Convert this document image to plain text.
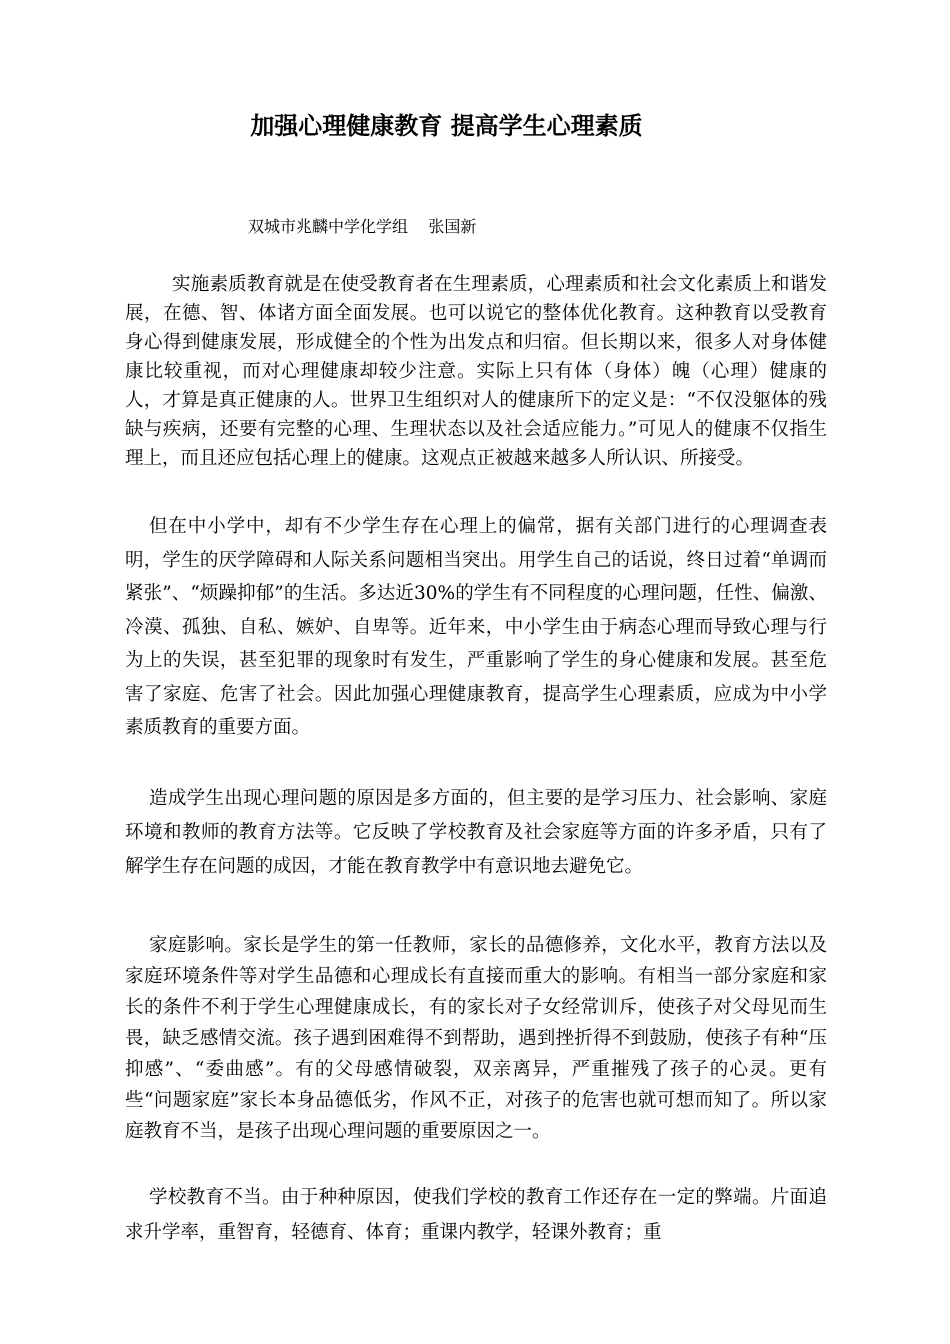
加强心理健康教育 提高学生心理素质
双城市兆麟中学化学组    张国新

实施素质教育就是在使受教育者在生理素质，心理素质和社会文化素质上和谐发展，在德、智、体诸方面全面发展。也可以说它的整体优化教育。这种教育以受教育身心得到健康发展，形成健全的个性为出发点和归宿。但长期以来，很多人对身体健康比较重视，而对心理健康却较少注意。实际上只有体（身体）魄（心理）健康的人，才算是真正健康的人。世界卫生组织对人的健康所下的定义是：“不仅没躯体的残缺与疾病，还要有完整的心理、生理状态以及社会适应能力。”可见人的健康不仅指生理上，而且还应包括心理上的健康。这观点正被越来越多人所认识、所接受。

但在中小学中，却有不少学生存在心理上的偏常，据有关部门进行的心理调查表明，学生的厌学障碍和人际关系问题相当突出。用学生自己的话说，终日过着“单调而紧张”、“烦躁抑郁”的生活。多达近30%的学生有不同程度的心理问题，任性、偏激、冷漠、孤独、自私、嫉妒、自卑等。近年来，中小学生由于病态心理而导致心理与行为上的失误，甚至犯罪的现象时有发生，严重影响了学生的身心健康和发展。甚至危害了家庭、危害了社会。因此加强心理健康教育，提高学生心理素质，应成为中小学素质教育的重要方面。

造成学生出现心理问题的原因是多方面的，但主要的是学习压力、社会影响、家庭环境和教师的教育方法等。它反映了学校教育及社会家庭等方面的许多矛盾，只有了解学生存在问题的成因，才能在教育教学中有意识地去避免它。

家庭影响。家长是学生的第一任教师，家长的品德修养，文化水平，教育方法以及家庭环境条件等对学生品德和心理成长有直接而重大的影响。有相当一部分家庭和家长的条件不利于学生心理健康成长，有的家长对子女经常训斥，使孩子对父母见而生畏，缺乏感情交流。孩子遇到困难得不到帮助，遇到挫折得不到鼓励，使孩子有种“压抑感”、“委曲感”。有的父母感情破裂，双亲离异，严重摧残了孩子的心灵。更有些“问题家庭”家长本身品德低劣，作风不正，对孩子的危害也就可想而知了。所以家庭教育不当，是孩子出现心理问题的重要原因之一。

学校教育不当。由于种种原因，使我们学校的教育工作还存在一定的弊端。片面追求升学率，重智育，轻德育、体育；重课内教学，轻课外教育；重
